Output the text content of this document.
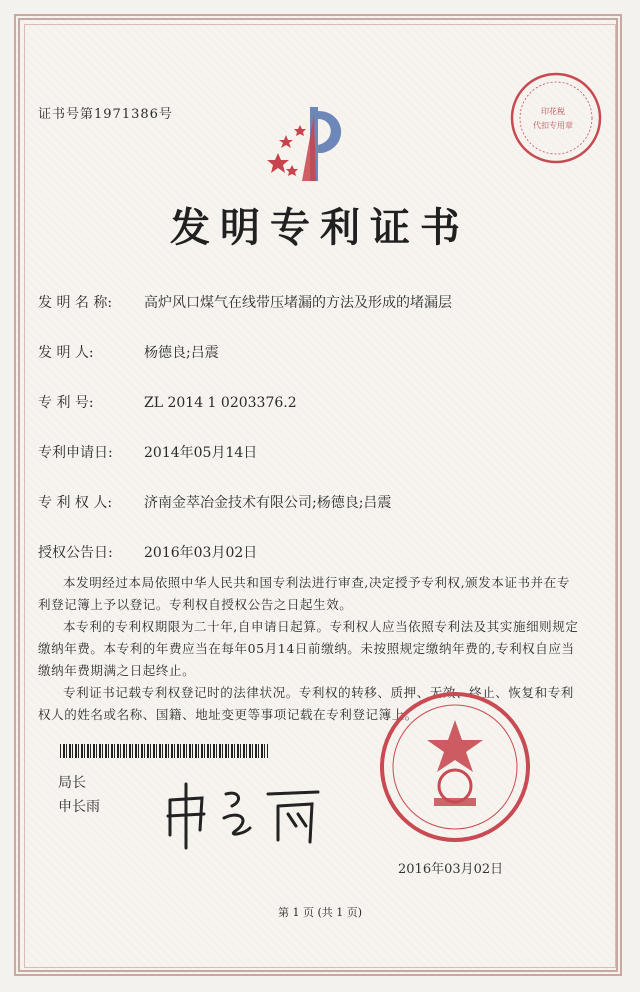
证书号第1971386号	印花税
代扣专用章
发明专利证书
发 明 名 称: 高炉风口煤气在线带压堵漏的方法及形成的堵漏层
发 明 人:	杨德良;吕震
专 利 号:	ZL 2014 1 0203376.2
专利申请日: 2014年05月14日
专 利 权 人: 济南金萃冶金技术有限公司;杨德良;吕震
授权公告日: 2016年03月02日

本发明经过本局依照中华人民共和国专利法进行审查,决定授予专利权,颁发本证书并在专利登记簿上予以登记。专利权自授权公告之日起生效。

本专利的专利权期限为二十年,自申请日起算。专利权人应当依照专利法及其实施细则规定缴纳年费。本专利的年费应当在每年05月14日前缴纳。未按照规定缴纳年费的,专利权自应当缴纳年费期满之日起终止。

专利证书记载专利权登记时的法律状况。专利权的转移、质押、无效、终止、恢复和专利权人的姓名或名称、国籍、地址变更等事项记载在专利登记簿上。

局长
申长雨
2016年03月02日
第 1 页 (共 1 页)
